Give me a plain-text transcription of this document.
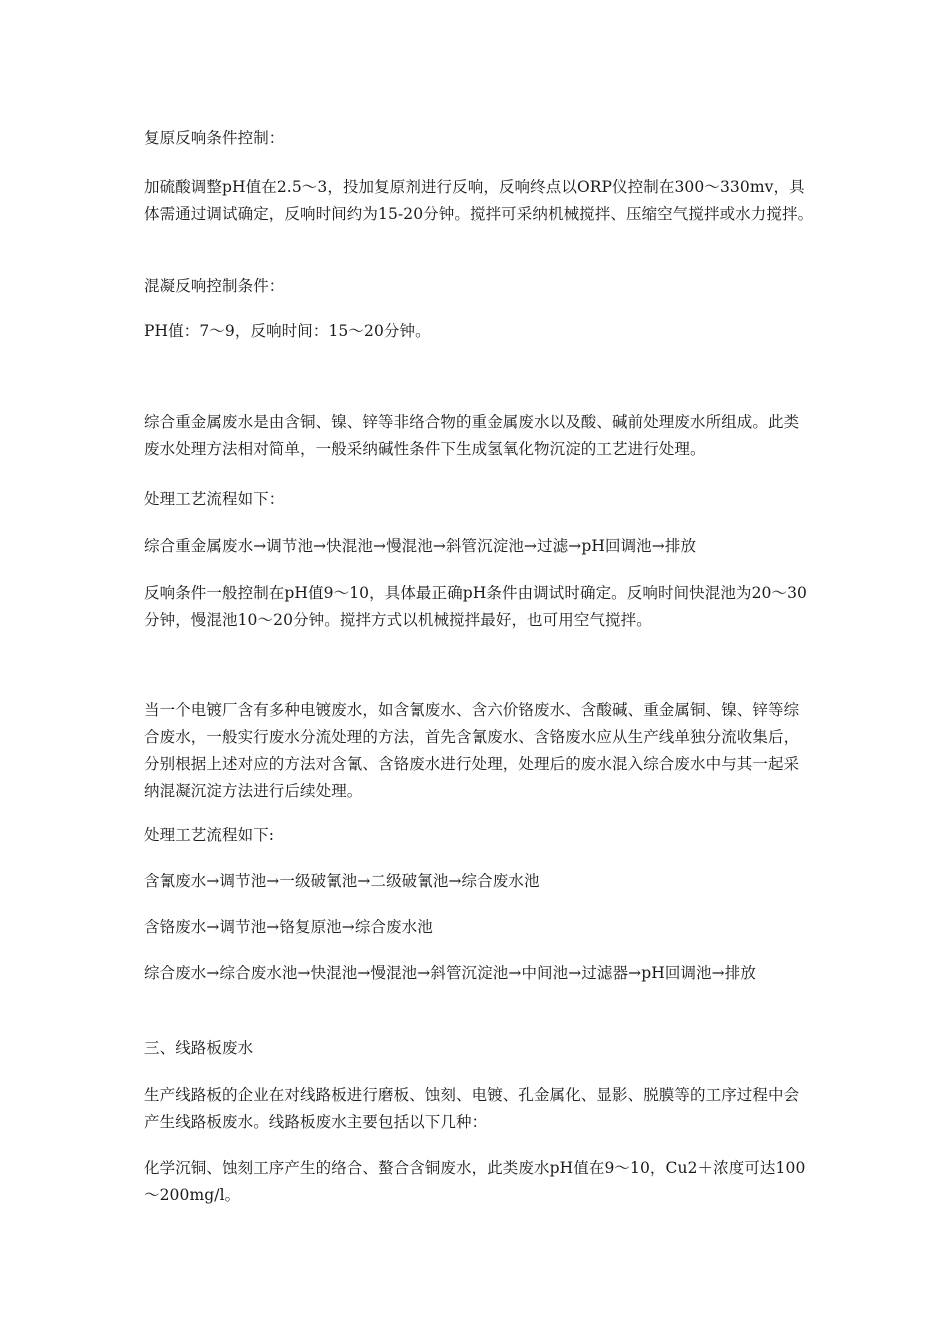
复原反响条件控制：

加硫酸调整pH值在2.5～3，投加复原剂进行反响，反响终点以ORP仪控制在300～330mv，具体需通过调试确定，反响时间约为15-20分钟。搅拌可采纳机械搅拌、压缩空气搅拌或水力搅拌。

混凝反响控制条件：

PH值：7～9，反响时间：15～20分钟。

综合重金属废水是由含铜、镍、锌等非络合物的重金属废水以及酸、碱前处理废水所组成。此类废水处理方法相对简单，一般采纳碱性条件下生成氢氧化物沉淀的工艺进行处理。

处理工艺流程如下：

综合重金属废水→调节池→快混池→慢混池→斜管沉淀池→过滤→pH回调池→排放

反响条件一般控制在pH值9～10，具体最正确pH条件由调试时确定。反响时间快混池为20～30分钟，慢混池10～20分钟。搅拌方式以机械搅拌最好，也可用空气搅拌。

当一个电镀厂含有多种电镀废水，如含氰废水、含六价铬废水、含酸碱、重金属铜、镍、锌等综合废水，一般实行废水分流处理的方法，首先含氰废水、含铬废水应从生产线单独分流收集后，分别根据上述对应的方法对含氰、含铬废水进行处理，处理后的废水混入综合废水中与其一起采纳混凝沉淀方法进行后续处理。

处理工艺流程如下:

含氰废水→调节池→一级破氰池→二级破氰池→综合废水池

含铬废水→调节池→铬复原池→综合废水池

综合废水→综合废水池→快混池→慢混池→斜管沉淀池→中间池→过滤器→pH回调池→排放

三、线路板废水

生产线路板的企业在对线路板进行磨板、蚀刻、电镀、孔金属化、显影、脱膜等的工序过程中会产生线路板废水。线路板废水主要包括以下几种：

化学沉铜、蚀刻工序产生的络合、螯合含铜废水，此类废水pH值在9～10，Cu2＋浓度可达100～200mg/l。
